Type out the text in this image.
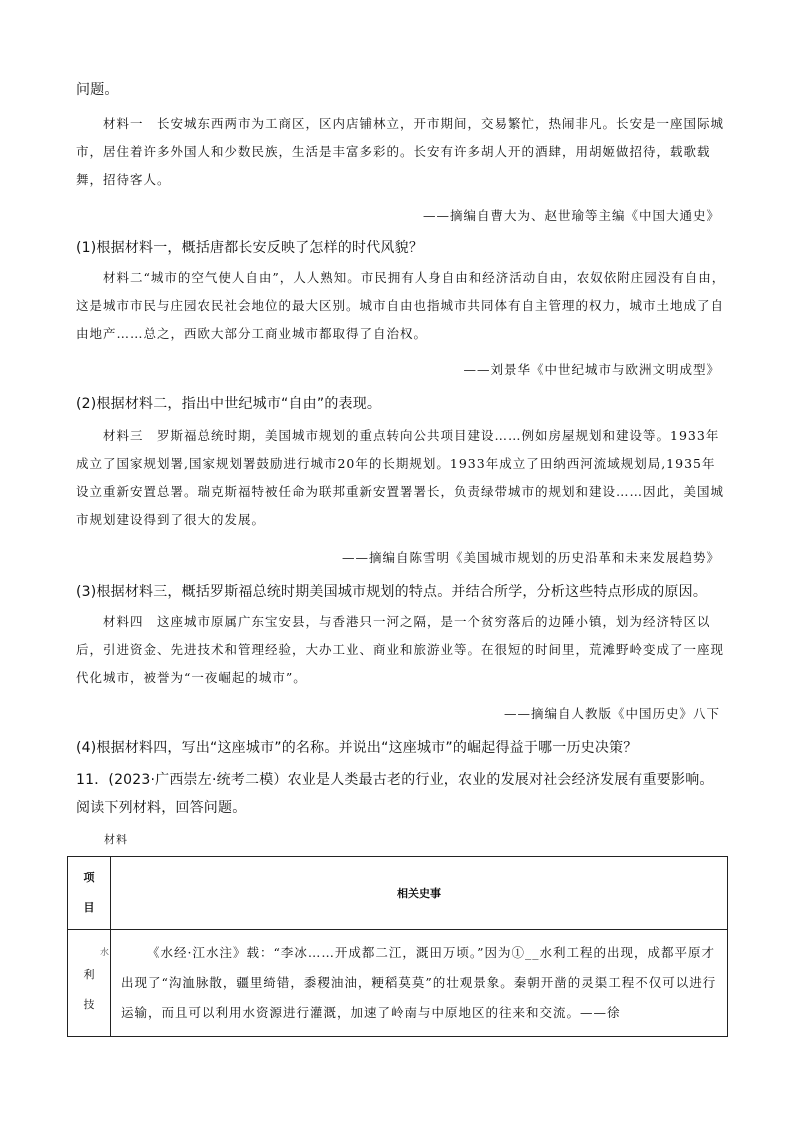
问题。

材料一　长安城东西两市为工商区，区内店铺林立，开市期间，交易繁忙，热闹非凡。长安是一座国际城市，居住着许多外国人和少数民族，生活是丰富多彩的。长安有许多胡人开的酒肆，用胡姬做招待，载歌载舞，招待客人。

——摘编自曹大为、赵世瑜等主编《中国大通史》

(1)根据材料一，概括唐都长安反映了怎样的时代风貌？

材料二“城市的空气使人自由”，人人熟知。市民拥有人身自由和经济活动自由，农奴依附庄园没有自由，这是城市市民与庄园农民社会地位的最大区别。城市自由也指城市共同体有自主管理的权力，城市土地成了自由地产……总之，西欧大部分工商业城市都取得了自治权。

——刘景华《中世纪城市与欧洲文明成型》

(2)根据材料二，指出中世纪城市“自由”的表现。

材料三　罗斯福总统时期，美国城市规划的重点转向公共项目建设……例如房屋规划和建设等。1933年成立了国家规划署,国家规划署鼓励进行城市20年的长期规划。1933年成立了田纳西河流域规划局,1935年设立重新安置总署。瑞克斯福特被任命为联邦重新安置署署长，负责绿带城市的规划和建设……因此，美国城市规划建设得到了很大的发展。

——摘编自陈雪明《美国城市规划的历史沿革和未来发展趋势》

(3)根据材料三，概括罗斯福总统时期美国城市规划的特点。并结合所学，分析这些特点形成的原因。

材料四　这座城市原属广东宝安县，与香港只一河之隔，是一个贫穷落后的边陲小镇，划为经济特区以后，引进资金、先进技术和管理经验，大办工业、商业和旅游业等。在很短的时间里，荒滩野岭变成了一座现代化城市，被誉为“一夜崛起的城市”。

——摘编自人教版《中国历史》八下

(4)根据材料四，写出“这座城市”的名称。并说出“这座城市”的崛起得益于哪一历史决策？

11．(2023·广西崇左·统考二模）农业是人类最古老的行业，农业的发展对社会经济发展有重要影响。阅读下列材料，回答问题。

材料

项
目	相关史事

水
利
技	《水经·江水注》载：“李冰……开成都二江，溉田万顷。”因为①__水利工程的出现，成都平原才出现了“沟洫脉散，疆里绮错，黍稷油油，粳稻莫莫”的壮观景象。秦朝开凿的灵渠工程不仅可以进行运输，而且可以利用水资源进行灌溉，加速了岭南与中原地区的往来和交流。——徐
